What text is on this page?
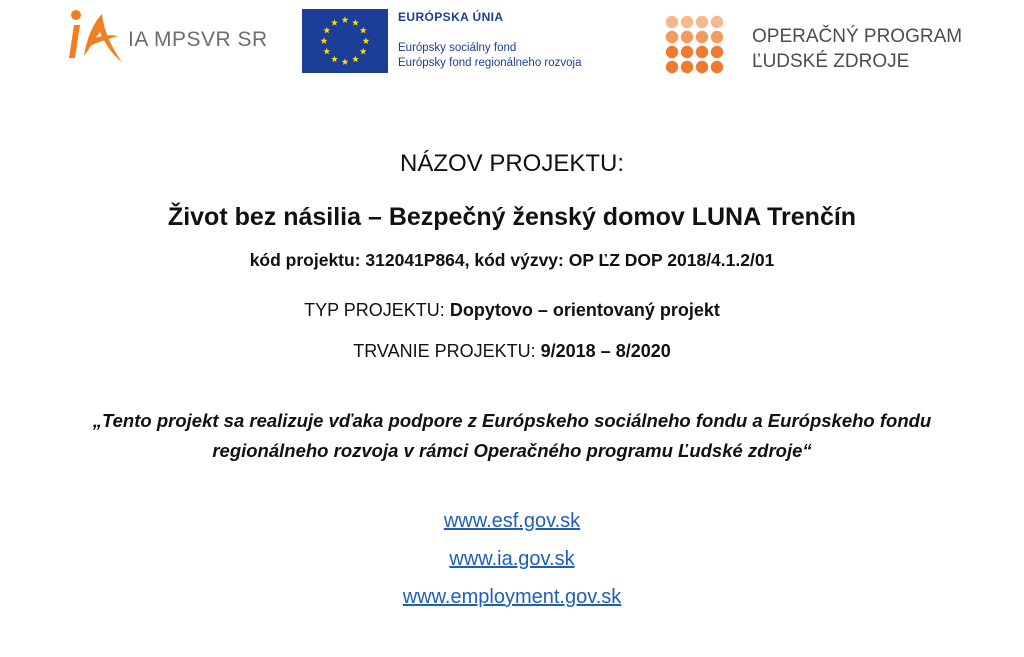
IA MPSVR SR
EURÓPSKA ÚNIA
Európsky sociálny fond
Európsky fond regionálneho rozvoja
OPERAČNÝ PROGRAM
ĽUDSKÉ ZDROJE
NÁZOV PROJEKTU:
Život bez násilia – Bezpečný ženský domov LUNA Trenčín
kód projektu: 312041P864, kód výzvy: OP ĽZ DOP 2018/4.1.2/01
TYP PROJEKTU: Dopytovo – orientovaný projekt
TRVANIE PROJEKTU: 9/2018 – 8/2020
„Tento projekt sa realizuje vďaka podpore z Európskeho sociálneho fondu a Európskeho fondu
regionálneho rozvoja v rámci Operačného programu Ľudské zdroje“
www.esf.gov.sk
www.ia.gov.sk
www.employment.gov.sk
